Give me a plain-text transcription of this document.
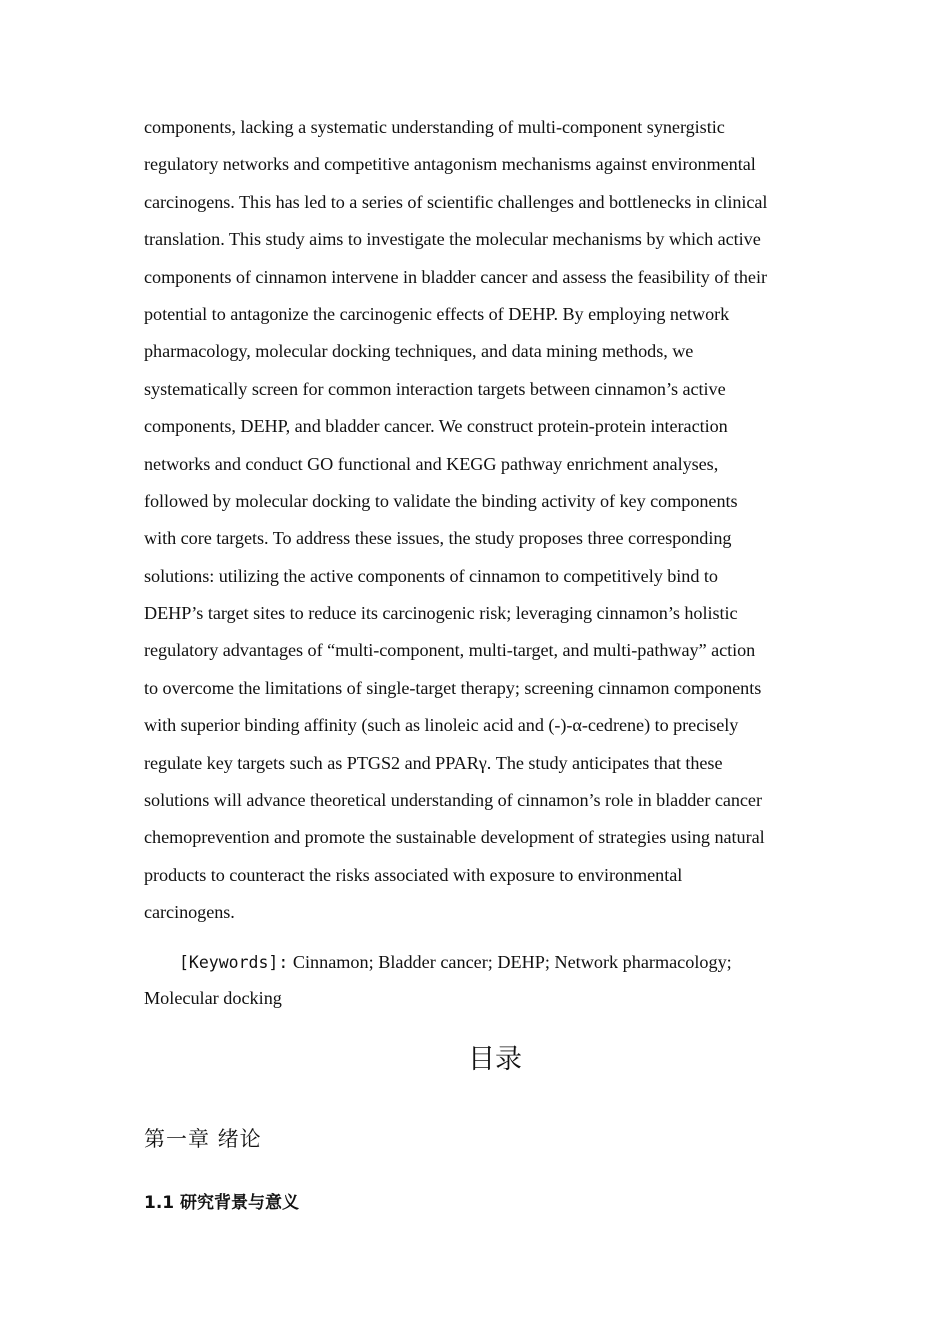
components, lacking a systematic understanding of multi-component synergistic
regulatory networks and competitive antagonism mechanisms against environmental
carcinogens. This has led to a series of scientific challenges and bottlenecks in clinical
translation. This study aims to investigate the molecular mechanisms by which active
components of cinnamon intervene in bladder cancer and assess the feasibility of their
potential to antagonize the carcinogenic effects of DEHP. By employing network
pharmacology, molecular docking techniques, and data mining methods, we
systematically screen for common interaction targets between cinnamon’s active
components, DEHP, and bladder cancer. We construct protein-protein interaction
networks and conduct GO functional and KEGG pathway enrichment analyses,
followed by molecular docking to validate the binding activity of key components
with core targets. To address these issues, the study proposes three corresponding
solutions: utilizing the active components of cinnamon to competitively bind to
DEHP’s target sites to reduce its carcinogenic risk; leveraging cinnamon’s holistic
regulatory advantages of “multi-component, multi-target, and multi-pathway” action
to overcome the limitations of single-target therapy; screening cinnamon components
with superior binding affinity (such as linoleic acid and (-)-α-cedrene) to precisely
regulate key targets such as PTGS2 and PPARγ. The study anticipates that these
solutions will advance theoretical understanding of cinnamon’s role in bladder cancer
chemoprevention and promote the sustainable development of strategies using natural
products to counteract the risks associated with exposure to environmental
carcinogens.
[Keywords]: Cinnamon; Bladder cancer; DEHP; Network pharmacology;
Molecular docking
目录
第一章 绪论
1.1 研究背景与意义
